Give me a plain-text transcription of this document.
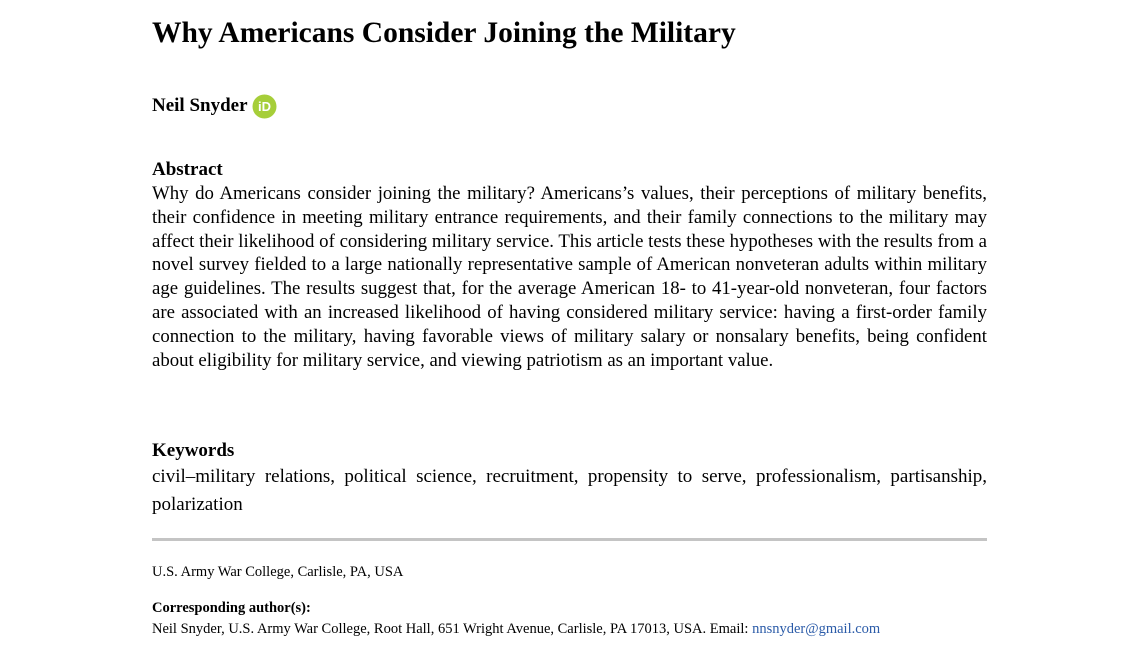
Why Americans Consider Joining the Military
Neil Snyder iD
Abstract

Why do Americans consider joining the military? Americans’s values, their perceptions of military benefits, their confidence in meeting military entrance requirements, and their family connections to the military may affect their likelihood of considering military service. This article tests these hypotheses with the results from a novel survey fielded to a large nationally representative sample of American nonveteran adults within military age guidelines. The results suggest that, for the average American 18- to 41-year-old nonveteran, four factors are associated with an increased likelihood of having considered military service: having a first-order family connection to the military, having favorable views of military salary or nonsalary benefits, being confident about eligibility for military service, and viewing patriotism as an important value.

Keywords

civil–military relations, political science, recruitment, propensity to serve, professionalism, partisanship, polarization

U.S. Army War College, Carlisle, PA, USA
Corresponding author(s):
Neil Snyder, U.S. Army War College, Root Hall, 651 Wright Avenue, Carlisle, PA 17013, USA. Email: nnsnyder@gmail.com
